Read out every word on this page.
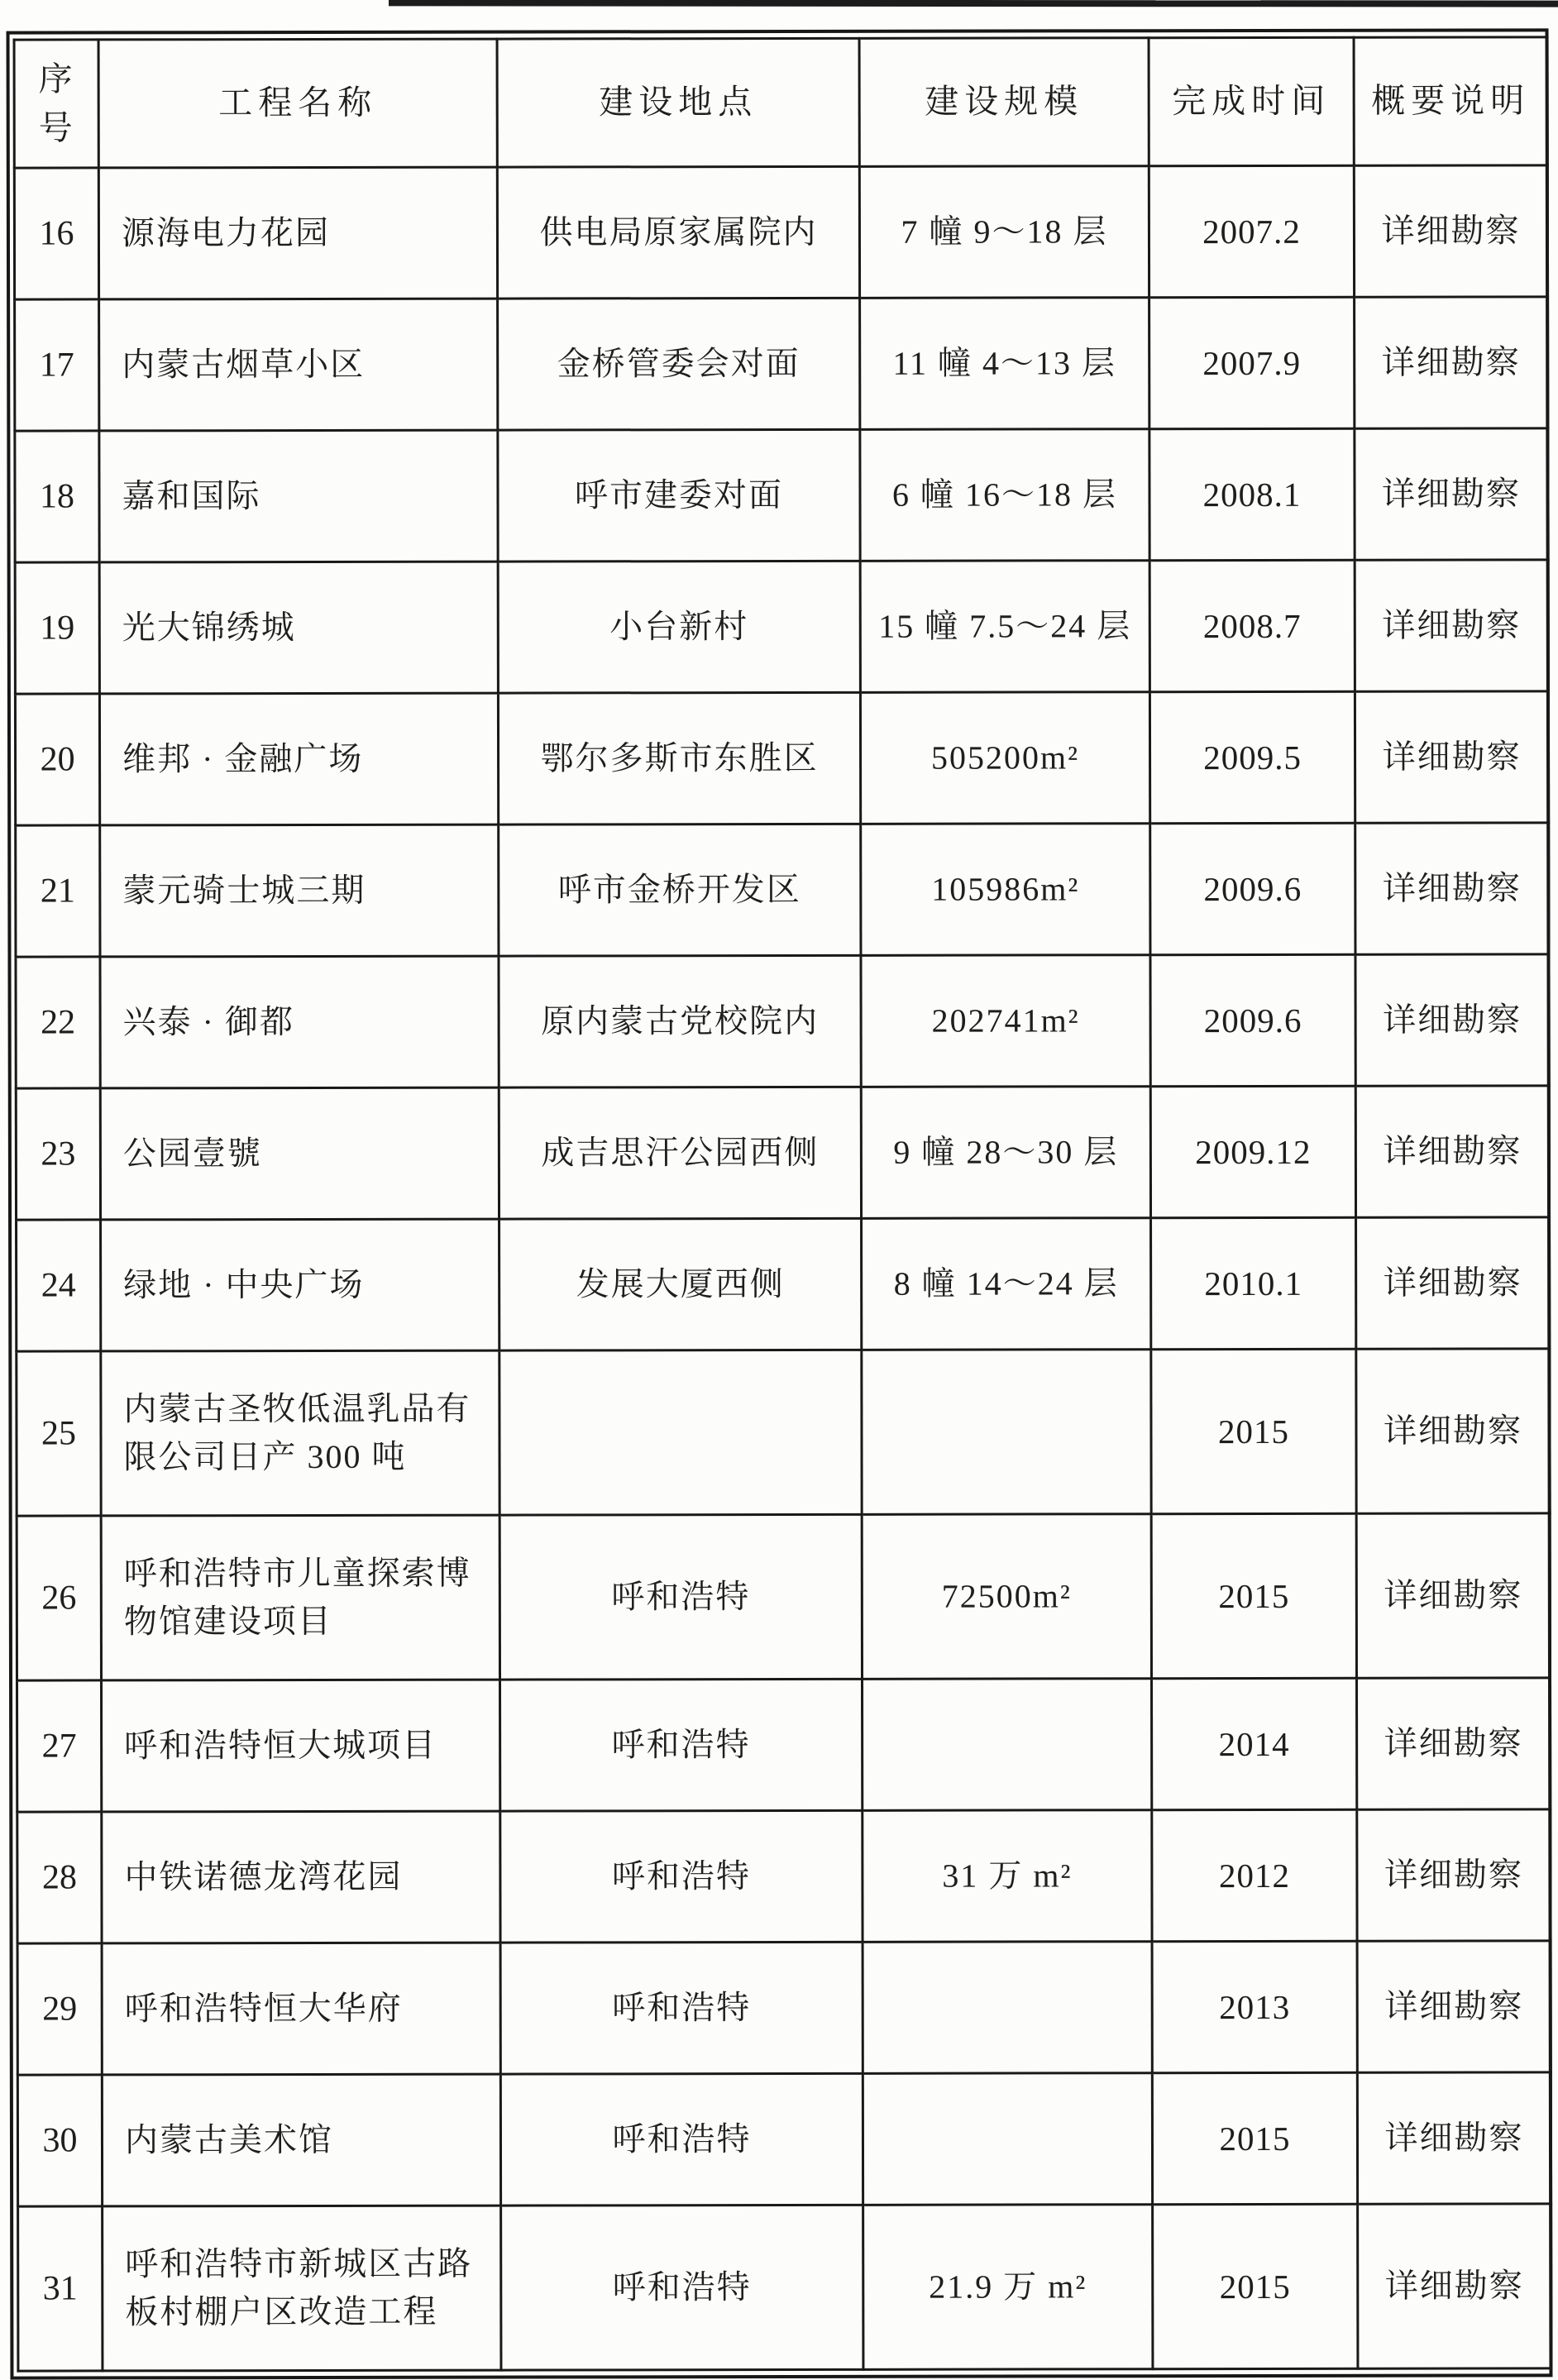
序号	工程名称	建设地点	建设规模	完成时间	概要说明
16	源海电力花园	供电局原家属院内	7 幢 9～18 层	2007.2	详细勘察
17	内蒙古烟草小区	金桥管委会对面	11 幢 4～13 层	2007.9	详细勘察
18	嘉和国际	呼市建委对面	6 幢 16～18 层	2008.1	详细勘察
19	光大锦绣城	小台新村	15 幢 7.5～24 层	2008.7	详细勘察
20	维邦 · 金融广场	鄂尔多斯市东胜区	505200m²	2009.5	详细勘察
21	蒙元骑士城三期	呼市金桥开发区	105986m²	2009.6	详细勘察
22	兴泰 · 御都	原内蒙古党校院内	202741m²	2009.6	详细勘察
23	公园壹號	成吉思汗公园西侧	9 幢 28～30 层	2009.12	详细勘察
24	绿地 · 中央广场	发展大厦西侧	8 幢 14～24 层	2010.1	详细勘察
25	内蒙古圣牧低温乳品有限公司日产 300 吨			2015	详细勘察
26	呼和浩特市儿童探索博物馆建设项目	呼和浩特	72500m²	2015	详细勘察
27	呼和浩特恒大城项目	呼和浩特		2014	详细勘察
28	中铁诺德龙湾花园	呼和浩特	31 万 m²	2012	详细勘察
29	呼和浩特恒大华府	呼和浩特		2013	详细勘察
30	内蒙古美术馆	呼和浩特		2015	详细勘察
31	呼和浩特市新城区古路板村棚户区改造工程	呼和浩特	21.9 万 m²	2015	详细勘察
